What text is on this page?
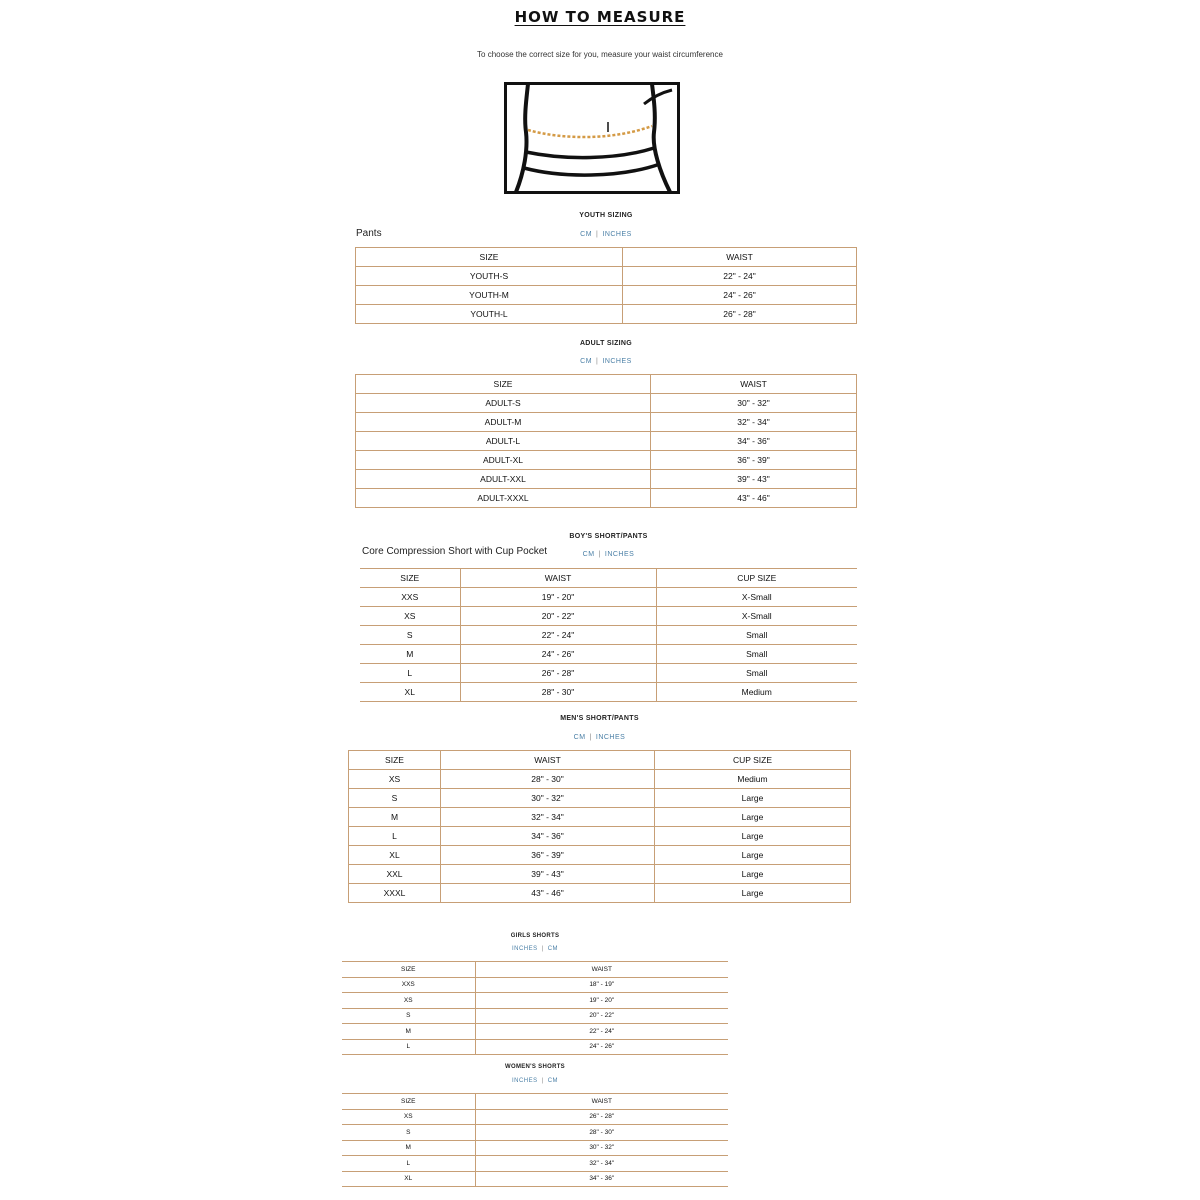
HOW TO MEASURE
To choose the correct size for you, measure your waist circumference
YOUTH SIZING
Pants	CM | INCHES
SIZE	WAIST
YOUTH-S	22" - 24"
YOUTH-M	24" - 26"
YOUTH-L	26" - 28"
ADULT SIZING
CM | INCHES
SIZE	WAIST
ADULT-S	30" - 32"
ADULT-M	32" - 34"
ADULT-L	34" - 36"
ADULT-XL	36" - 39"
ADULT-XXL	39" - 43"
ADULT-XXXL	43" - 46"
BOY'S SHORT/PANTS
Core Compression Short with Cup Pocket	CM | INCHES
SIZE	WAIST	CUP SIZE
XXS	19" - 20"	X-Small
XS	20" - 22"	X-Small
S	22" - 24"	Small
M	24" - 26"	Small
L	26" - 28"	Small
XL	28" - 30"	Medium
MEN'S SHORT/PANTS
CM | INCHES
SIZE	WAIST	CUP SIZE
XS	28" - 30"	Medium
S	30" - 32"	Large
M	32" - 34"	Large
L	34" - 36"	Large
XL	36" - 39"	Large
XXL	39" - 43"	Large
XXXL	43" - 46"	Large
GIRLS SHORTS
INCHES | CM
SIZE	WAIST
XXS	18" - 19"
XS	19" - 20"
S	20" - 22"
M	22" - 24"
L	24" - 26"
WOMEN'S SHORTS
INCHES | CM
SIZE	WAIST
XS	26" - 28"
S	28" - 30"
M	30" - 32"
L	32" - 34"
XL	34" - 36"
